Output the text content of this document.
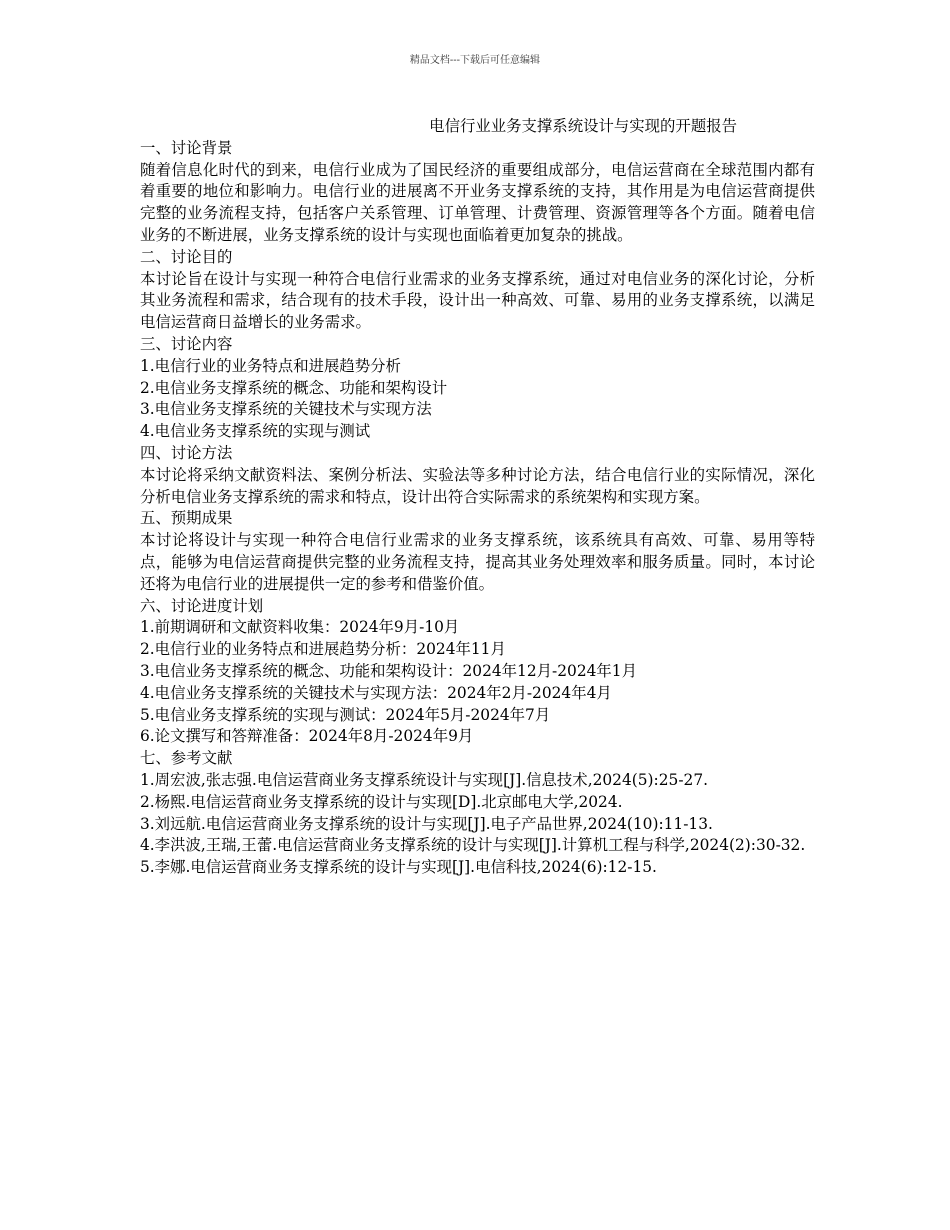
精品文档---下载后可任意编辑
电信行业业务支撑系统设计与实现的开题报告

一、讨论背景

随着信息化时代的到来，电信行业成为了国民经济的重要组成部分，电信运营商在全球范围内都有着重要的地位和影响力。电信行业的进展离不开业务支撑系统的支持，其作用是为电信运营商提供完整的业务流程支持，包括客户关系管理、订单管理、计费管理、资源管理等各个方面。随着电信业务的不断进展，业务支撑系统的设计与实现也面临着更加复杂的挑战。

二、讨论目的

本讨论旨在设计与实现一种符合电信行业需求的业务支撑系统，通过对电信业务的深化讨论，分析其业务流程和需求，结合现有的技术手段，设计出一种高效、可靠、易用的业务支撑系统，以满足电信运营商日益增长的业务需求。

三、讨论内容

1.电信行业的业务特点和进展趋势分析

2.电信业务支撑系统的概念、功能和架构设计

3.电信业务支撑系统的关键技术与实现方法

4.电信业务支撑系统的实现与测试

四、讨论方法

本讨论将采纳文献资料法、案例分析法、实验法等多种讨论方法，结合电信行业的实际情况，深化分析电信业务支撑系统的需求和特点，设计出符合实际需求的系统架构和实现方案。

五、预期成果

本讨论将设计与实现一种符合电信行业需求的业务支撑系统，该系统具有高效、可靠、易用等特点，能够为电信运营商提供完整的业务流程支持，提高其业务处理效率和服务质量。同时，本讨论还将为电信行业的进展提供一定的参考和借鉴价值。

六、讨论进度计划

1.前期调研和文献资料收集：2024年9月-10月

2.电信行业的业务特点和进展趋势分析：2024年11月

3.电信业务支撑系统的概念、功能和架构设计：2024年12月-2024年1月

4.电信业务支撑系统的关键技术与实现方法：2024年2月-2024年4月

5.电信业务支撑系统的实现与测试：2024年5月-2024年7月

6.论文撰写和答辩准备：2024年8月-2024年9月

七、参考文献

1.周宏波,张志强.电信运营商业务支撑系统设计与实现[J].信息技术,2024(5):25-27.

2.杨熙.电信运营商业务支撑系统的设计与实现[D].北京邮电大学,2024.

3.刘远航.电信运营商业务支撑系统的设计与实现[J].电子产品世界,2024(10):11-13.

4.李洪波,王瑞,王蕾.电信运营商业务支撑系统的设计与实现[J].计算机工程与科学,2024(2):30-32.

5.李娜.电信运营商业务支撑系统的设计与实现[J].电信科技,2024(6):12-15.
